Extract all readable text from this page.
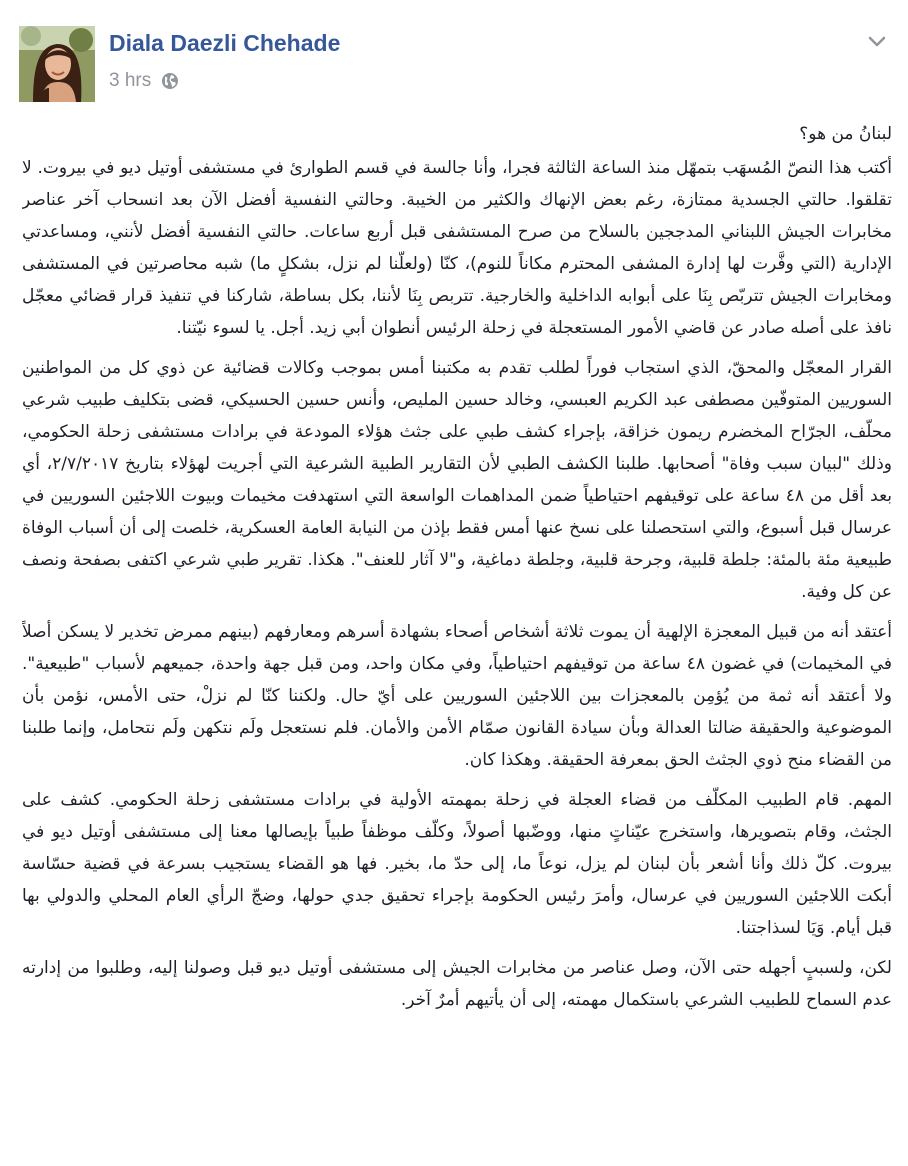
Diala Daezli Chehade
3 hrs

لبنانُ من هو؟

أكتب هذا النصّ المُسهَب بتمهّل منذ الساعة الثالثة فجرا، وأنا جالسة في قسم الطوارئ في مستشفى أوتيل ديو في بيروت. لا تقلقوا. حالتي الجسدية ممتازة، رغم بعض الإنهاك والكثير من الخيبة. وحالتي النفسية أفضل الآن بعد انسحاب آخر عناصر مخابرات الجيش اللبناني المدججين بالسلاح من صرح المستشفى قبل أربع ساعات. حالتي النفسية أفضل لأنني، ومساعدتي الإدارية (التي وفَّرت لها إدارة المشفى المحترم مكاناً للنوم)، كنّا (ولعلّنا لم نزل، بشكلٍ ما) شبه محاصرتين في المستشفى ومخابرات الجيش تتربّص بِنَا على أبوابه الداخلية والخارجية. تتربص بِنَا لأننا، بكل بساطة، شاركنا في تنفيذ قرار قضائي معجّل نافذ على أصله صادر عن قاضي الأمور المستعجلة في زحلة الرئيس أنطوان أبي زيد. أجل. يا لسوء نيّتنا.

القرار المعجّل والمحقّ، الذي استجاب فوراً لطلب تقدم به مكتبنا أمس بموجب وكالات قضائية عن ذوي كل من المواطنين السوريين المتوفّين مصطفى عبد الكريم العبسي، وخالد حسين المليص، وأنس حسين الحسيكي، قضى بتكليف طبيب شرعي محلّف، الجرّاح المخضرم ريمون خزاقة، بإجراء كشف طبي على جثث هؤلاء المودعة في برادات مستشفى زحلة الحكومي، وذلك "لبيان سبب وفاة" أصحابها. طلبنا الكشف الطبي لأن التقارير الطبية الشرعية التي أجريت لهؤلاء بتاريخ ٢/٧/٢٠١٧، أي بعد أقل من ٤٨ ساعة على توقيفهم احتياطياً ضمن المداهمات الواسعة التي استهدفت مخيمات وبيوت اللاجئين السوريين في عرسال قبل أسبوع، والتي استحصلنا على نسخ عنها أمس فقط بإذن من النيابة العامة العسكرية، خلصت إلى أن أسباب الوفاة طبيعية مئة بالمئة: جلطة قلبية، وجرحة قلبية، وجلطة دماغية، و"لا آثار للعنف". هكذا. تقرير طبي شرعي اكتفى بصفحة ونصف عن كل وفية.

أعتقد أنه من قبيل المعجزة الإلهية أن يموت ثلاثة أشخاص أصحاء بشهادة أسرهم ومعارفهم (بينهم ممرض تخدير لا يسكن أصلاً في المخيمات) في غضون ٤٨ ساعة من توقيفهم احتياطياً، وفي مكان واحد، ومن قبل جهة واحدة، جميعهم لأسباب "طبيعية". ولا أعتقد أنه ثمة من يُؤمِن بالمعجزات بين اللاجئين السوريين على أيّ حال. ولكننا كنّا لم نزلْ، حتى الأمس، نؤمن بأن الموضوعية والحقيقة ضالتا العدالة وبأن سيادة القانون صمّام الأمن والأمان. فلم نستعجل ولَم نتكهن ولَم نتحامل، وإنما طلبنا من القضاء منح ذوي الجثث الحق بمعرفة الحقيقة. وهكذا كان.

المهم. قام الطبيب المكلّف من قضاء العجلة في زحلة بمهمته الأولية في برادات مستشفى زحلة الحكومي. كشف على الجثث، وقام بتصويرها، واستخرج عيّناتٍ منها، ووضّبها أصولاً، وكلّف موظفاً طبياً بإيصالها معنا إلى مستشفى أوتيل ديو في بيروت. كلّ ذلك وأنا أشعر بأن لبنان لم يزل، نوعاً ما، إلى حدّ ما، بخير. فها هو القضاء يستجيب بسرعة في قضية حسّاسة أبكت اللاجئين السوريين في عرسال، وأمرَ رئيس الحكومة بإجراء تحقيق جدي حولها، وضجّ الرأي العام المحلي والدولي بها قبل أيام. وَيَا لسذاجتنا.

لكن، ولسببٍ أجهله حتى الآن، وصل عناصر من مخابرات الجيش إلى مستشفى أوتيل ديو قبل وصولنا إليه، وطلبوا من إدارته عدم السماح للطبيب الشرعي باستكمال مهمته، إلى أن يأتيهم أمرٌ آخر.
